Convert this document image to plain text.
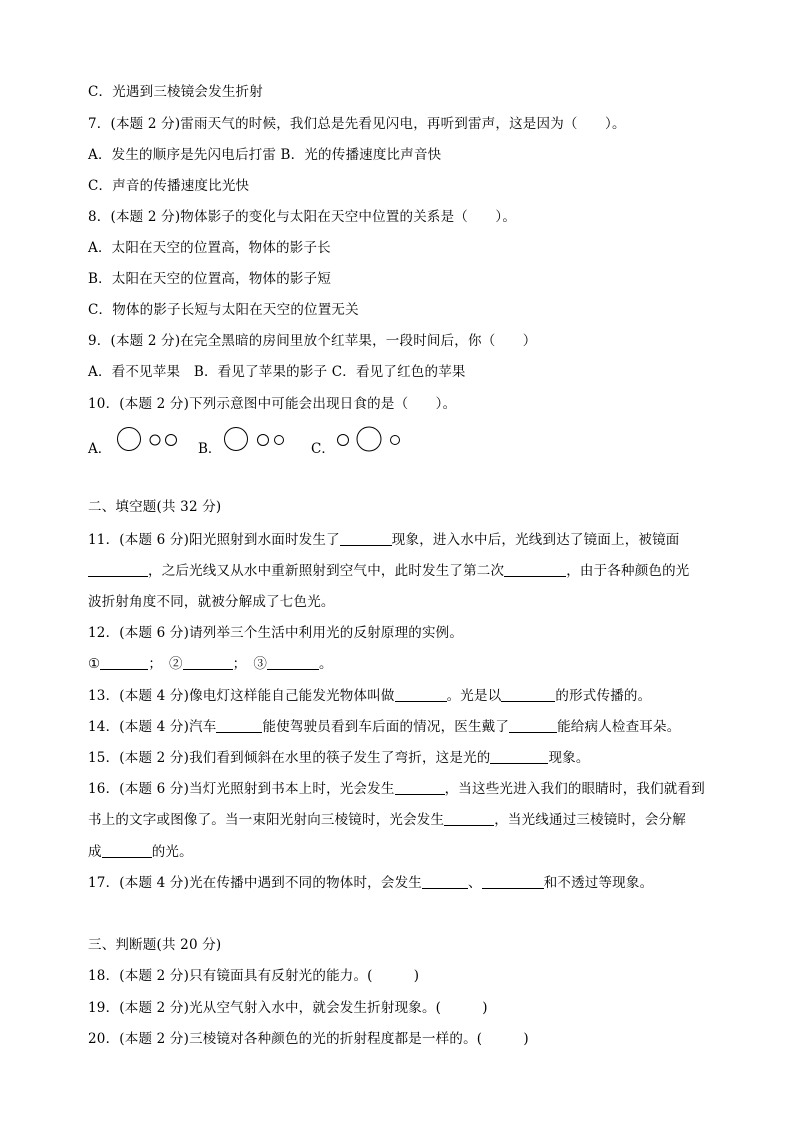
C．光遇到三棱镜会发生折射
7．(本题 2 分)雷雨天气的时候，我们总是先看见闪电，再听到雷声，这是因为（　　）。
A．发生的顺序是先闪电后打雷 B．光的传播速度比声音快
C．声音的传播速度比光快
8．(本题 2 分)物体影子的变化与太阳在天空中位置的关系是（　　）。
A．太阳在天空的位置高，物体的影子长
B．太阳在天空的位置高，物体的影子短
C．物体的影子长短与太阳在天空的位置无关
9．(本题 2 分)在完全黑暗的房间里放个红苹果，一段时间后，你（　　）
A．看不见苹果　B．看见了苹果的影子 C．看见了红色的苹果
10．(本题 2 分)下列示意图中可能会出现日食的是（　　）。
A．	B．	C．
二、填空题(共 32 分)
11．(本题 6 分)阳光照射到水面时发生了	现象，进入水中后，光线到达了镜面上，被镜面
，之后光线又从水中重新照射到空气中，此时发生了第二次	，由于各种颜色的光
波折射角度不同，就被分解成了七色光。
12．(本题 6 分)请列举三个生活中利用光的反射原理的实例。
①	；　②	；　③	。
13．(本题 4 分)像电灯这样能自己能发光物体叫做	。光是以	的形式传播的。
14．(本题 4 分)汽车	能使驾驶员看到车后面的情况，医生戴了	能给病人检查耳朵。
15．(本题 2 分)我们看到倾斜在水里的筷子发生了弯折，这是光的	现象。
16．(本题 6 分)当灯光照射到书本上时，光会发生	，当这些光进入我们的眼睛时，我们就看到
书上的文字或图像了。当一束阳光射向三棱镜时，光会发生	，当光线通过三棱镜时，会分解
成	的光。
17．(本题 4 分)光在传播中遇到不同的物体时，会发生	、	和不透过等现象。
三、判断题(共 20 分)
18．(本题 2 分)只有镜面具有反射光的能力。(　　　)
19．(本题 2 分)光从空气射入水中，就会发生折射现象。(　　　)
20．(本题 2 分)三棱镜对各种颜色的光的折射程度都是一样的。(　　　)
